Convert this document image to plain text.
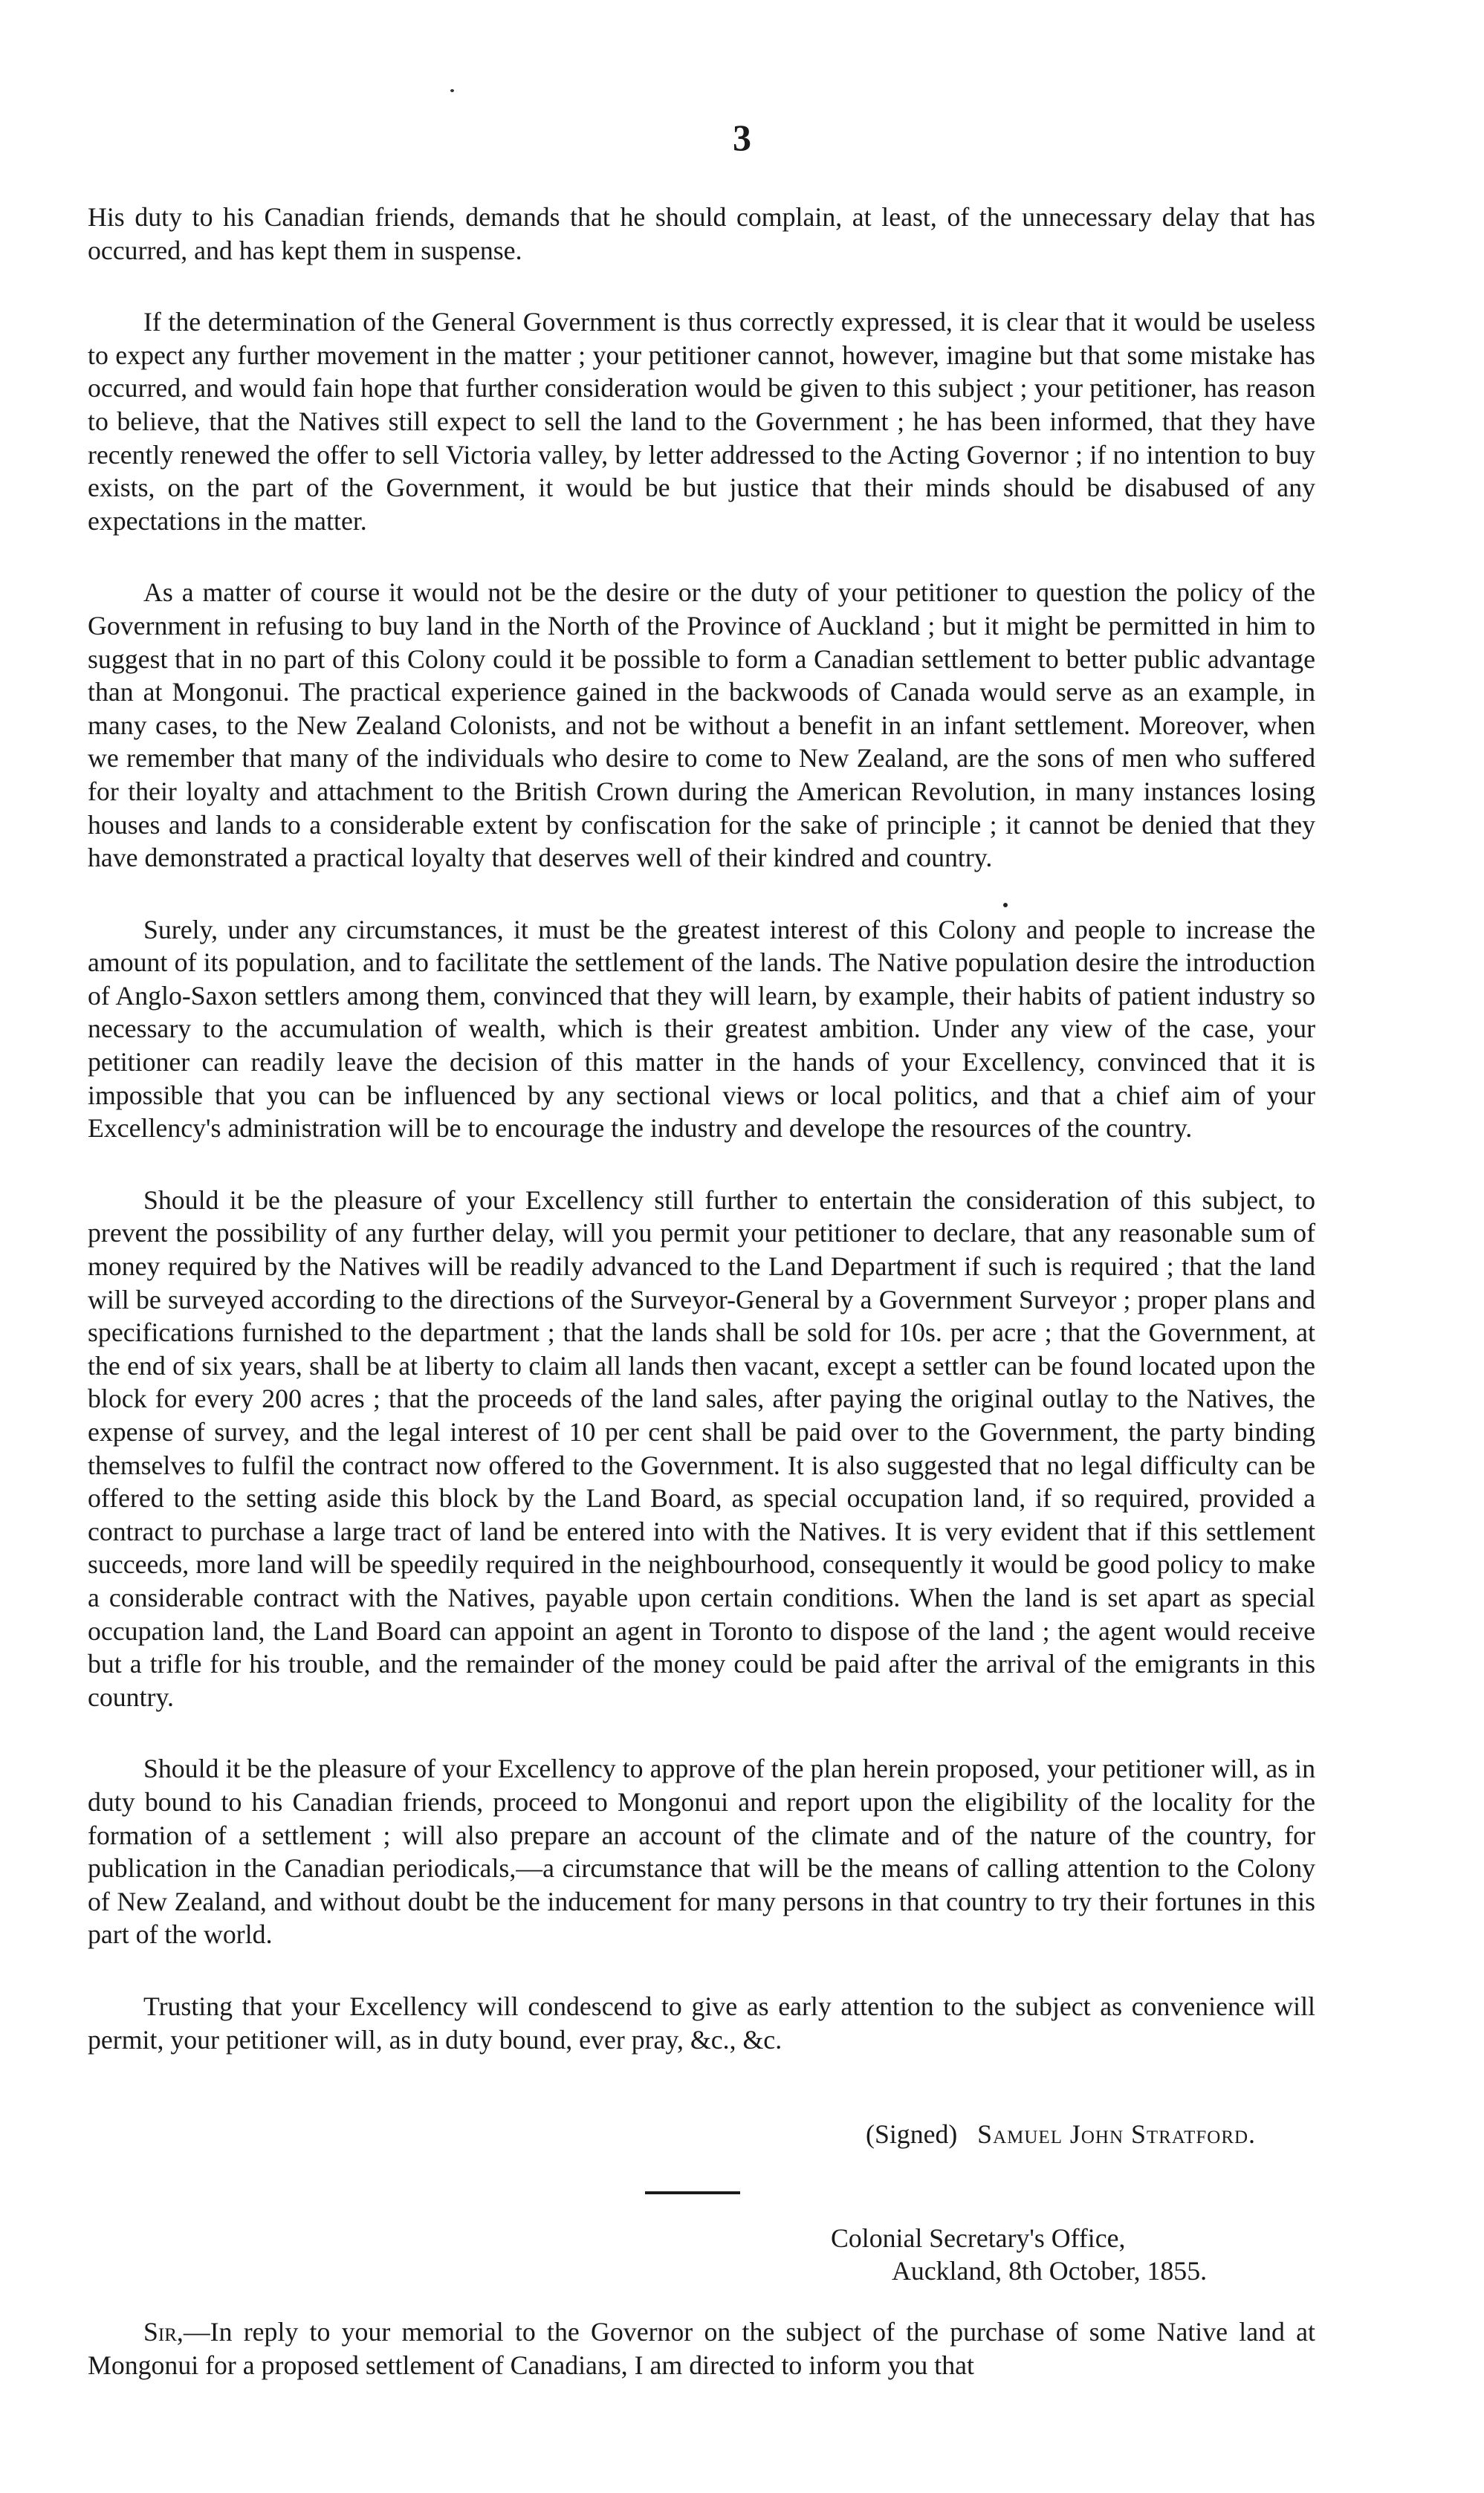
3

His duty to his Canadian friends, demands that he should complain, at least, of the unnecessary delay that has occurred, and has kept them in suspense.

If the determination of the General Government is thus correctly expressed, it is clear that it would be useless to expect any further movement in the matter ; your petitioner cannot, however, imagine but that some mistake has occurred, and would fain hope that further consideration would be given to this subject ; your petitioner, has reason to believe, that the Natives still expect to sell the land to the Government ; he has been informed, that they have recently renewed the offer to sell Victoria valley, by letter addressed to the Acting Governor ; if no intention to buy exists, on the part of the Government, it would be but justice that their minds should be disabused of any expectations in the matter.

As a matter of course it would not be the desire or the duty of your petitioner to question the policy of the Government in refusing to buy land in the North of the Province of Auckland ; but it might be permitted in him to suggest that in no part of this Colony could it be possible to form a Canadian settlement to better public advantage than at Mongonui. The practical experience gained in the backwoods of Canada would serve as an example, in many cases, to the New Zealand Colonists, and not be without a benefit in an infant settlement. Moreover, when we remember that many of the individuals who desire to come to New Zealand, are the sons of men who suffered for their loyalty and attachment to the British Crown during the American Revolution, in many instances losing houses and lands to a considerable extent by confiscation for the sake of principle ; it cannot be denied that they have demonstrated a practical loyalty that deserves well of their kindred and country.

Surely, under any circumstances, it must be the greatest interest of this Colony and people to increase the amount of its population, and to facilitate the settlement of the lands. The Native population desire the introduction of Anglo-Saxon settlers among them, convinced that they will learn, by example, their habits of patient industry so necessary to the accumulation of wealth, which is their greatest ambition. Under any view of the case, your petitioner can readily leave the decision of this matter in the hands of your Excellency, convinced that it is impossible that you can be influenced by any sectional views or local politics, and that a chief aim of your Excellency's administration will be to encourage the industry and develope the resources of the country.

Should it be the pleasure of your Excellency still further to entertain the consideration of this subject, to prevent the possibility of any further delay, will you permit your petitioner to declare, that any reasonable sum of money required by the Natives will be readily advanced to the Land Department if such is required ; that the land will be surveyed according to the directions of the Surveyor-General by a Government Surveyor ; proper plans and specifications furnished to the department ; that the lands shall be sold for 10s. per acre ; that the Government, at the end of six years, shall be at liberty to claim all lands then vacant, except a settler can be found located upon the block for every 200 acres ; that the proceeds of the land sales, after paying the original outlay to the Natives, the expense of survey, and the legal interest of 10 per cent shall be paid over to the Government, the party binding themselves to fulfil the contract now offered to the Government. It is also suggested that no legal difficulty can be offered to the setting aside this block by the Land Board, as special occupation land, if so required, provided a contract to purchase a large tract of land be entered into with the Natives. It is very evident that if this settlement succeeds, more land will be speedily required in the neighbourhood, consequently it would be good policy to make a considerable contract with the Natives, payable upon certain conditions. When the land is set apart as special occupation land, the Land Board can appoint an agent in Toronto to dispose of the land ; the agent would receive but a trifle for his trouble, and the remainder of the money could be paid after the arrival of the emigrants in this country.

Should it be the pleasure of your Excellency to approve of the plan herein proposed, your petitioner will, as in duty bound to his Canadian friends, proceed to Mongonui and report upon the eligibility of the locality for the formation of a settlement ; will also prepare an account of the climate and of the nature of the country, for publication in the Canadian periodicals,—a circumstance that will be the means of calling attention to the Colony of New Zealand, and without doubt be the inducement for many persons in that country to try their fortunes in this part of the world.

Trusting that your Excellency will condescend to give as early attention to the subject as convenience will permit, your petitioner will, as in duty bound, ever pray, &c., &c.

(Signed) Samuel John Stratford.
Colonial Secretary's Office,
Auckland, 8th October, 1855.
Sir,—In reply to your memorial to the Governor on the subject of the purchase of some Native land at Mongonui for a proposed settlement of Canadians, I am directed to inform you that
